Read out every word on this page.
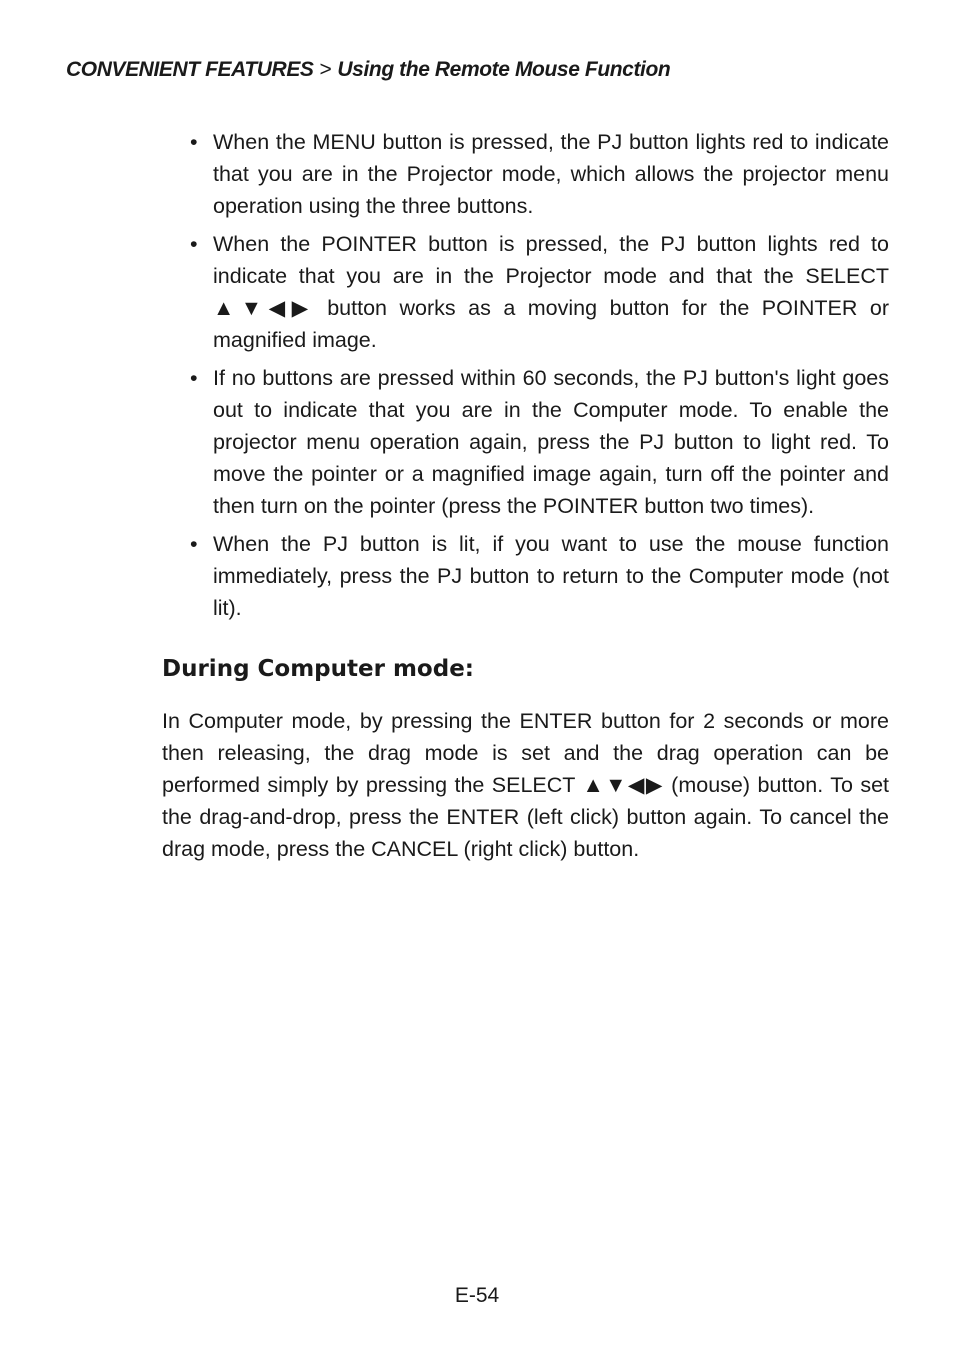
CONVENIENT FEATURES > Using the Remote Mouse Function
• When the MENU button is pressed, the PJ button lights red to indicate that you are in the Projector mode, which allows the projector menu operation using the three buttons.
• When the POINTER button is pressed, the PJ button lights red to indicate that you are in the Projector mode and that the SELECT ▲▼◀▶ button works as a moving button for the POINTER or magnified image.
• If no buttons are pressed within 60 seconds, the PJ button's light goes out to indicate that you are in the Computer mode. To enable the projector menu operation again, press the PJ button to light red. To move the pointer or a magnified image again, turn off the pointer and then turn on the pointer (press the POINTER button two times).
• When the PJ button is lit, if you want to use the mouse function immediately, press the PJ button to return to the Computer mode (not lit).
During Computer mode:

In Computer mode, by pressing the ENTER button for 2 seconds or more then releasing, the drag mode is set and the drag operation can be performed simply by pressing the SELECT ▲▼◀▶ (mouse) button. To set the drag-and-drop, press the ENTER (left click) button again. To cancel the drag mode, press the CANCEL (right click) button.

E-54
